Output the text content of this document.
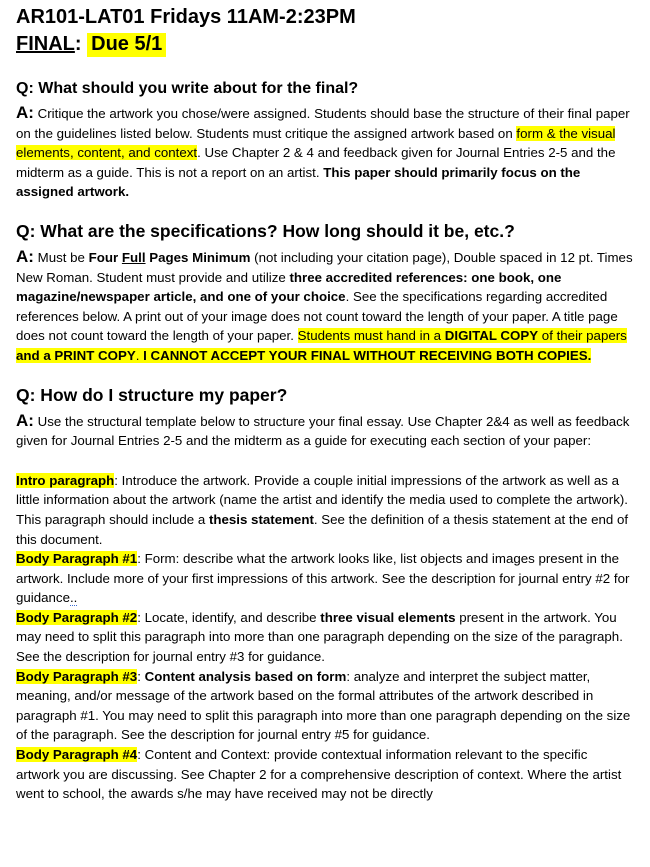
AR101-LAT01 Fridays 11AM-2:23PM
FINAL: Due 5/1
Q: What should you write about for the final?

A: Critique the artwork you chose/were assigned. Students should base the structure of their final paper on the guidelines listed below. Students must critique the assigned artwork based on form & the visual elements, content, and context. Use Chapter 2 & 4 and feedback given for Journal Entries 2-5 and the midterm as a guide. This is not a report on an artist. This paper should primarily focus on the assigned artwork.

Q: What are the specifications? How long should it be, etc.?

A: Must be Four Full Pages Minimum (not including your citation page), Double spaced in 12 pt. Times New Roman. Student must provide and utilize three accredited references: one book, one magazine/newspaper article, and one of your choice. See the specifications regarding accredited references below. A print out of your image does not count toward the length of your paper. A title page does not count toward the length of your paper. Students must hand in a DIGITAL COPY of their papers and a PRINT COPY. I CANNOT ACCEPT YOUR FINAL WITHOUT RECEIVING BOTH COPIES.

Q: How do I structure my paper?

A: Use the structural template below to structure your final essay. Use Chapter 2&4 as well as feedback given for Journal Entries 2-5 and the midterm as a guide for executing each section of your paper:

Intro paragraph: Introduce the artwork. Provide a couple initial impressions of the artwork as well as a little information about the artwork (name the artist and identify the media used to complete the artwork). This paragraph should include a thesis statement. See the definition of a thesis statement at the end of this document.

Body Paragraph #1: Form: describe what the artwork looks like, list objects and images present in the artwork. Include more of your first impressions of this artwork. See the description for journal entry #2 for guidance..

Body Paragraph #2: Locate, identify, and describe three visual elements present in the artwork. You may need to split this paragraph into more than one paragraph depending on the size of the paragraph. See the description for journal entry #3 for guidance.

Body Paragraph #3: Content analysis based on form: analyze and interpret the subject matter, meaning, and/or message of the artwork based on the formal attributes of the artwork described in paragraph #1. You may need to split this paragraph into more than one paragraph depending on the size of the paragraph. See the description for journal entry #5 for guidance.

Body Paragraph #4: Content and Context: provide contextual information relevant to the specific artwork you are discussing. See Chapter 2 for a comprehensive description of context. Where the artist went to school, the awards s/he may have received may not be directly
